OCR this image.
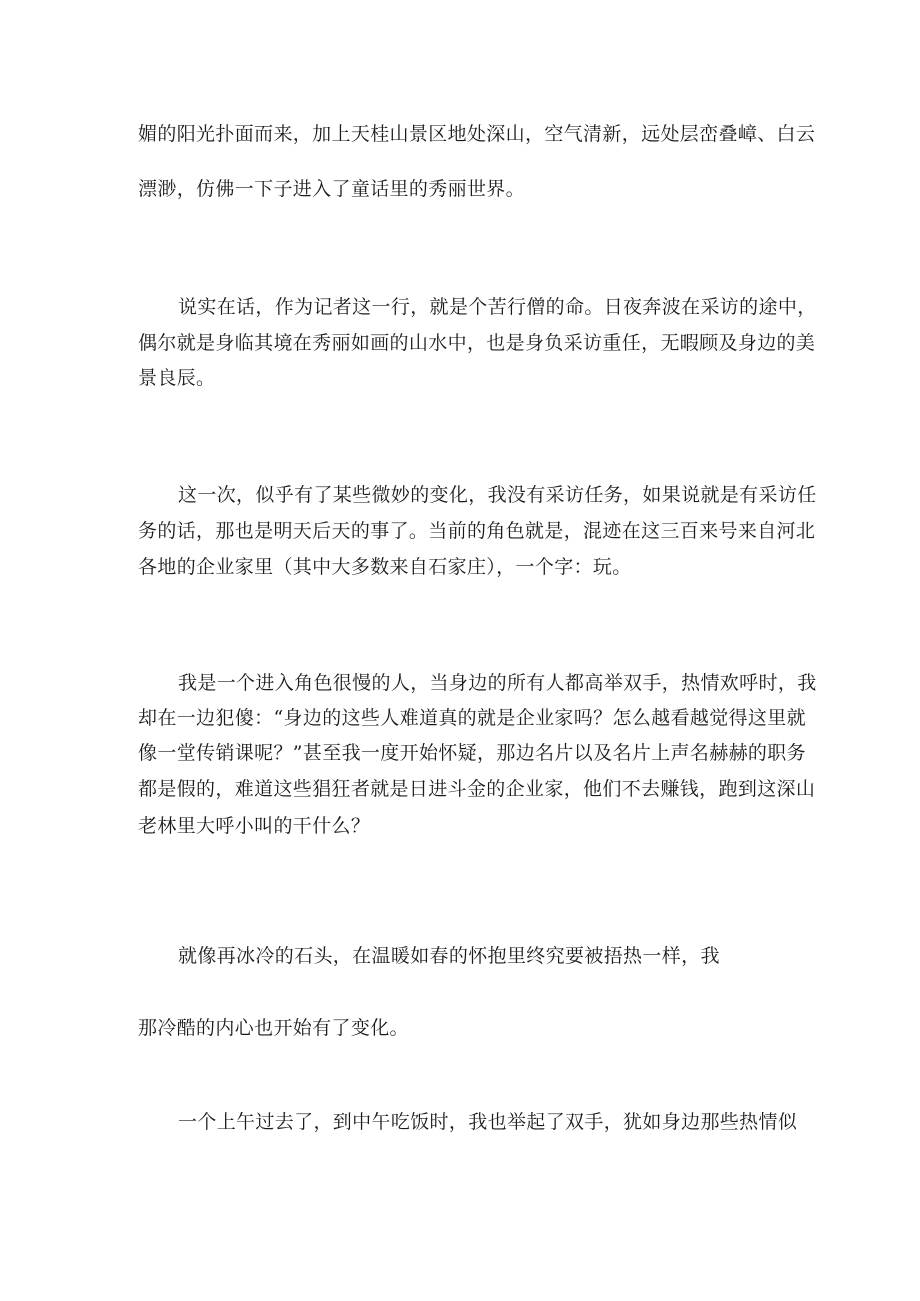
媚的阳光扑面而来，加上天桂山景区地处深山，空气清新，远处层峦叠嶂、白云
漂渺，仿佛一下子进入了童话里的秀丽世界。
说实在话，作为记者这一行，就是个苦行僧的命。日夜奔波在采访的途中，
偶尔就是身临其境在秀丽如画的山水中，也是身负采访重任，无暇顾及身边的美
景良辰。
这一次，似乎有了某些微妙的变化，我没有采访任务，如果说就是有采访任
务的话，那也是明天后天的事了。当前的角色就是，混迹在这三百来号来自河北
各地的企业家里（其中大多数来自石家庄），一个字：玩。
我是一个进入角色很慢的人，当身边的所有人都高举双手，热情欢呼时，我
却在一边犯傻：“身边的这些人难道真的就是企业家吗？怎么越看越觉得这里就
像一堂传销课呢？”甚至我一度开始怀疑，那边名片以及名片上声名赫赫的职务
都是假的，难道这些猖狂者就是日进斗金的企业家，他们不去赚钱，跑到这深山
老林里大呼小叫的干什么？
就像再冰冷的石头，在温暖如春的怀抱里终究要被捂热一样，我
那冷酷的内心也开始有了变化。
一个上午过去了，到中午吃饭时，我也举起了双手，犹如身边那些热情似
